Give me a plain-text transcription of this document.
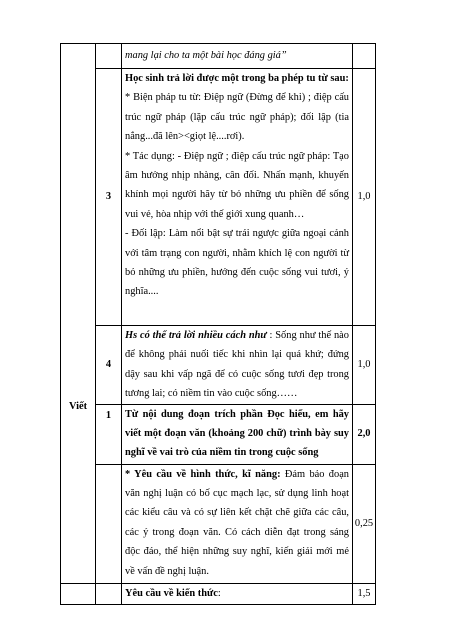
		mang lại cho ta một bài học đáng giá”	
	3	Học sinh trả lời được một trong ba phép tu từ sau:
* Biện pháp tu từ: Điệp ngữ (Đừng để khi) ; điệp cấu trúc ngữ pháp (lặp cấu trúc ngữ pháp); đối lập (tia nắng...đã lên><giọt lệ....rơi).
* Tác dụng: - Điệp ngữ ; điệp cấu trúc ngữ pháp: Tạo âm hưởng nhịp nhàng, cân đối. Nhấn mạnh, khuyến khính mọi người hãy từ bỏ những ưu phiền để sống vui vẻ, hòa nhịp với thế giới xung quanh…
- Đối lập: Làm nổi bật sự trái ngược giữa ngoại cảnh với tâm trạng con người, nhằm khích lệ con người từ bỏ những ưu phiền, hướng đến cuộc sống vui tươi, ý nghĩa....	1,0
	4	Hs có thể trả lời nhiều cách như : Sống như thế nào để không phải nuối tiếc khi nhìn lại quá khứ; đứng dậy sau khi vấp ngã để có cuộc sống tươi đẹp trong tương lai; có niềm tin vào cuộc sống……	1,0
	1	Từ nội dung đoạn trích phần Đọc hiểu, em hãy viết một đoạn văn (khoảng 200 chữ) trình bày suy nghĩ về vai trò của niềm tin trong cuộc sống	2,0
		* Yêu cầu về hình thức, kĩ năng: Đảm bảo đoạn văn nghị luận có bố cục mạch lạc, sử dụng linh hoạt các kiểu câu và có sự liên kết chặt chẽ giữa các câu, các ý trong đoạn văn. Có cách diễn đạt trong sáng độc đáo, thể hiện những suy nghĩ, kiến giải mới mẻ về vấn đề nghị luận.	0,25
		Yêu cầu về kiến thức:	1,5
Viết
